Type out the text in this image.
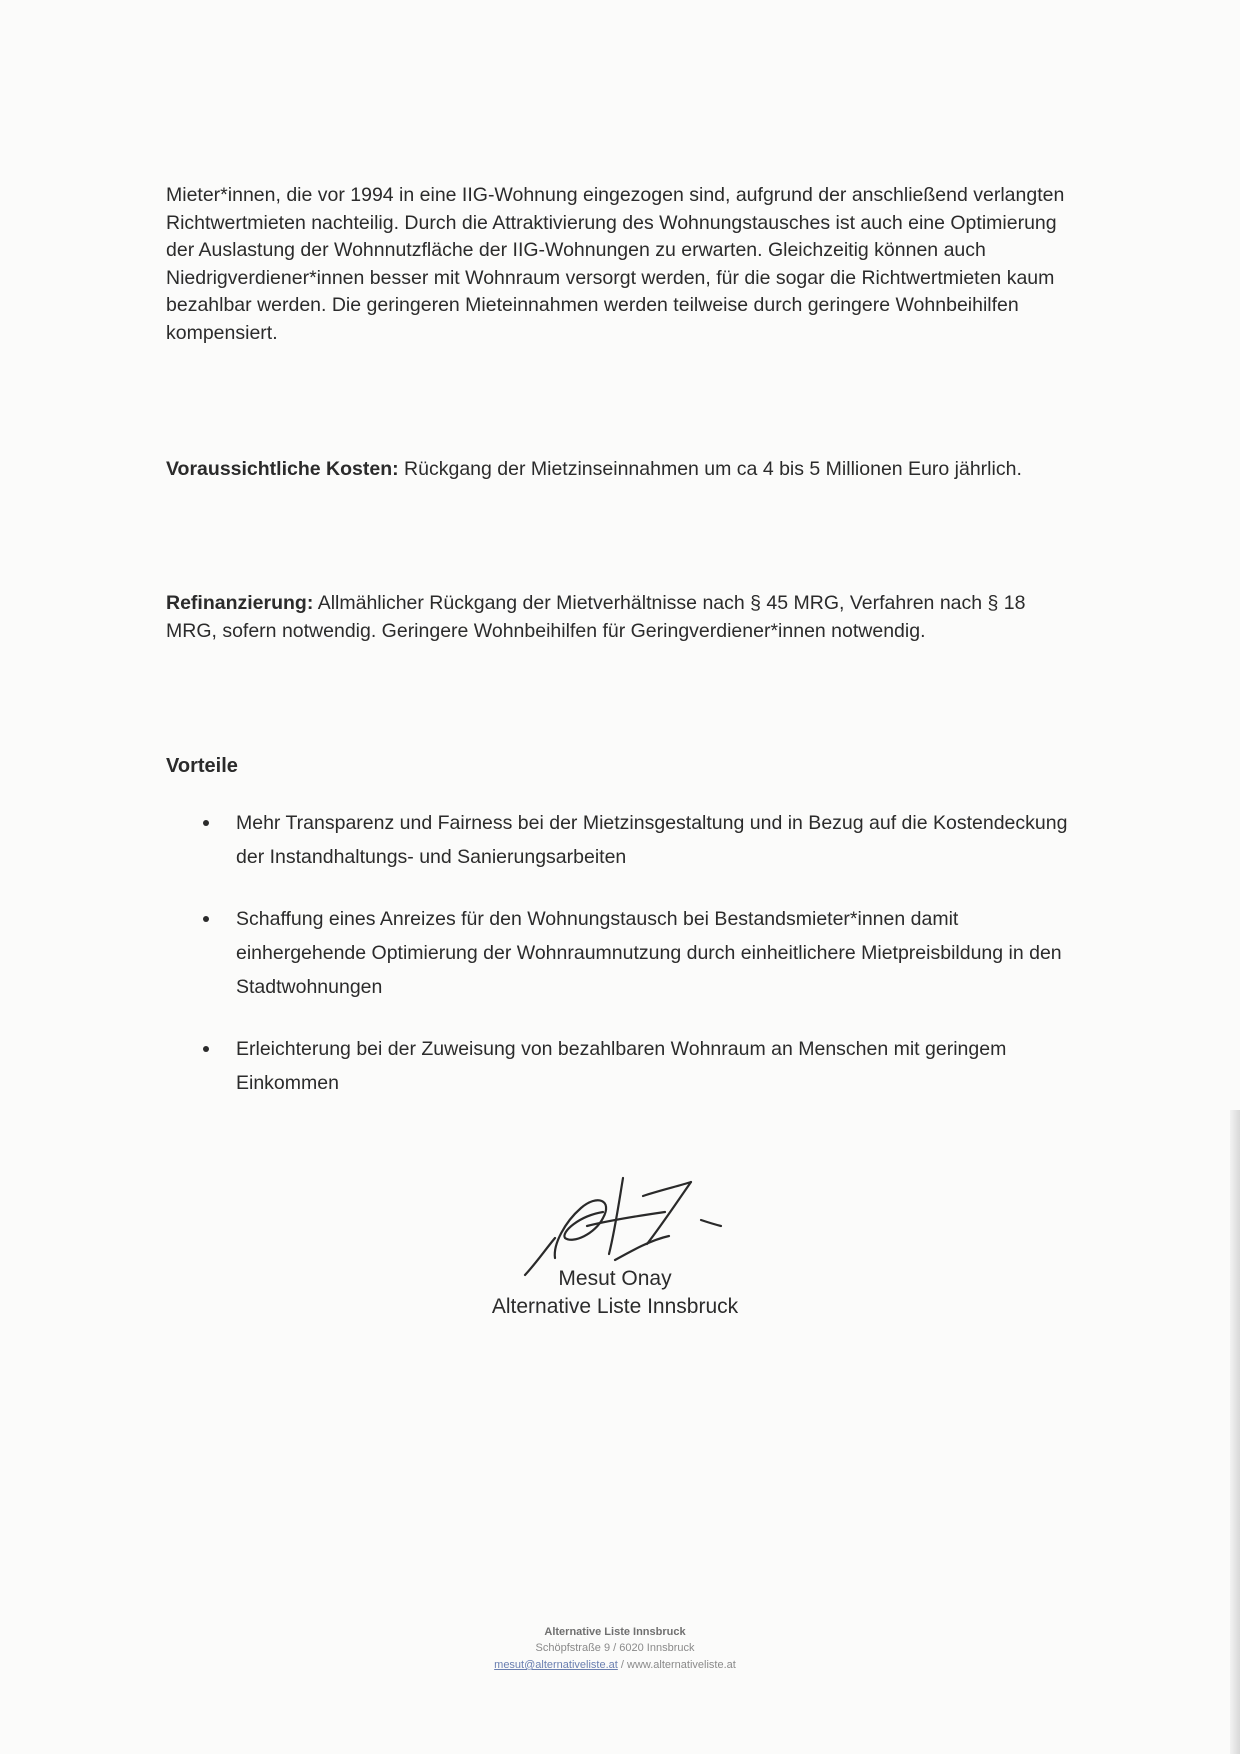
Mieter*innen, die vor 1994 in eine IIG-Wohnung eingezogen sind, aufgrund der anschließend verlangten Richtwertmieten nachteilig. Durch die Attraktivierung des Wohnungstausches ist auch eine Optimierung der Auslastung der Wohnnutzfläche der IIG-Wohnungen zu erwarten. Gleichzeitig können auch Niedrigverdiener*innen besser mit Wohnraum versorgt werden, für die sogar die Richtwertmieten kaum bezahlbar werden. Die geringeren Mieteinnahmen werden teilweise durch geringere Wohnbeihilfen kompensiert.

Voraussichtliche Kosten: Rückgang der Mietzinseinnahmen um ca 4 bis 5 Millionen Euro jährlich.

Refinanzierung: Allmählicher Rückgang der Mietverhältnisse nach § 45 MRG, Verfahren nach § 18 MRG, sofern notwendig. Geringere Wohnbeihilfen für Geringverdiener*innen notwendig.

Vorteile
Mehr Transparenz und Fairness bei der Mietzinsgestaltung und in Bezug auf die Kostendeckung der Instandhaltungs- und Sanierungsarbeiten
Schaffung eines Anreizes für den Wohnungstausch bei Bestandsmieter*innen damit einhergehende Optimierung der Wohnraumnutzung durch einheitlichere Mietpreisbildung in den Stadtwohnungen
Erleichterung bei der Zuweisung von bezahlbaren Wohnraum an Menschen mit geringem Einkommen
Mesut Onay
Alternative Liste Innsbruck
Alternative Liste Innsbruck
Schöpfstraße 9 / 6020 Innsbruck
mesut@alternativeliste.at / www.alternativeliste.at
